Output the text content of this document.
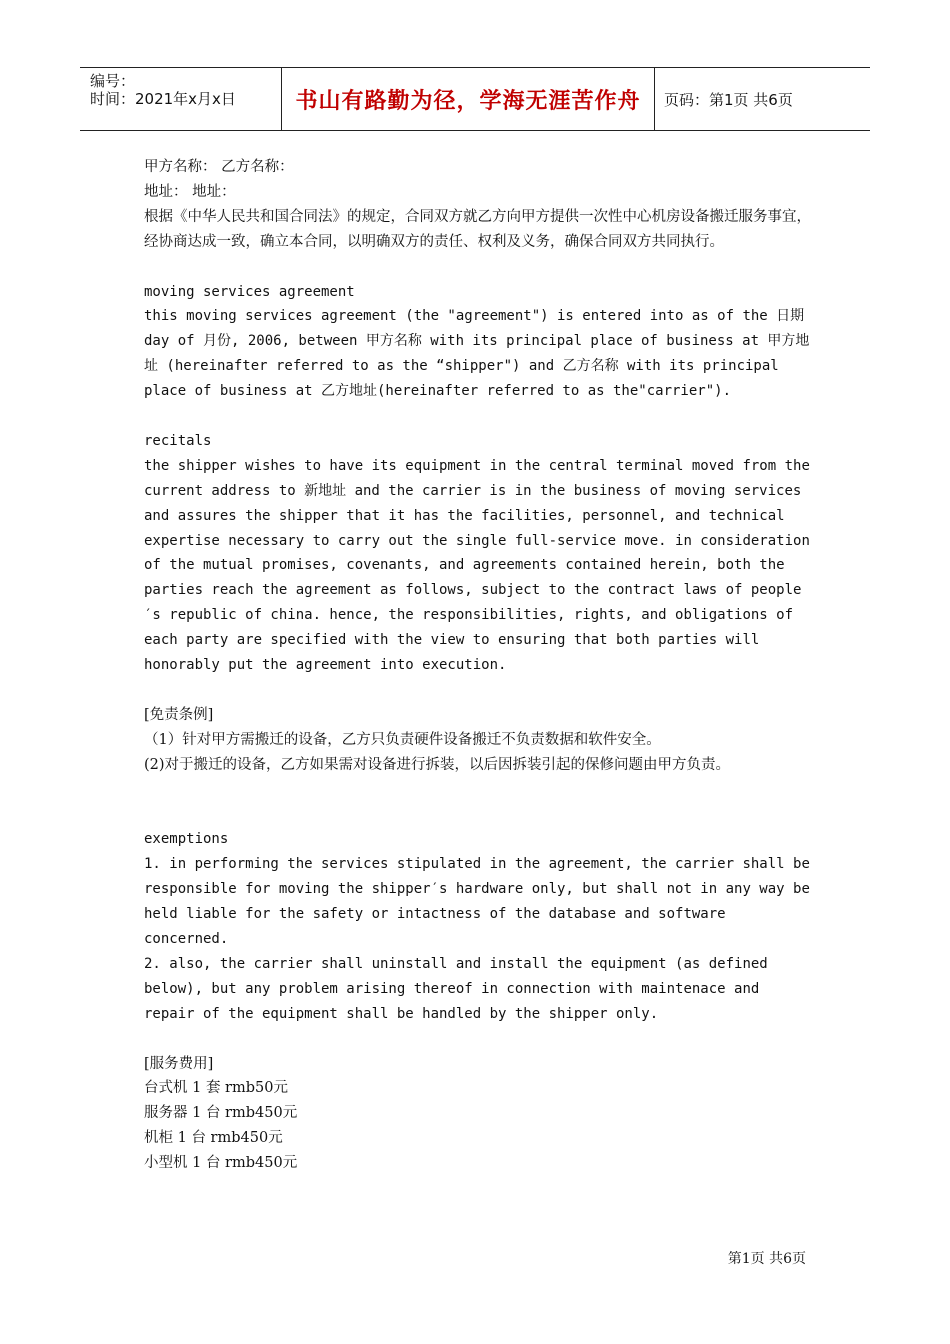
编号：
时间：2021年x月x日	书山有路勤为径，学海无涯苦作舟 页码：第1页 共6页

甲方名称： 乙方名称：

地址： 地址：

根据《中华人民共和国合同法》的规定，合同双方就乙方向甲方提供一次性中心机房设备搬迁服务事宜，经协商达成一致，确立本合同，以明确双方的责任、权利及义务，确保合同双方共同执行。

moving services agreement

this moving services agreement (the "agreement") is entered into as of the 日期 day of 月份, 2006, between 甲方名称 with its principal place of business at 甲方地址 (hereinafter referred to as the “shipper") and 乙方名称 with its principal place of business at 乙方地址(hereinafter referred to as the"carrier").

recitals

the shipper wishes to have its equipment in the central terminal moved from the current address to 新地址 and the carrier is in the business of moving services and assures the shipper that it has the facilities, personnel, and technical expertise necessary to carry out the single full-service move. in consideration of the mutual promises, covenants, and agreements contained herein, both the parties reach the agreement as follows, subject to the contract laws of people ′s republic of china. hence, the responsibilities, rights, and obligations of each party are specified with the view to ensuring that both parties will honorably put the agreement into execution.

[免责条例]

（1）针对甲方需搬迁的设备，乙方只负责硬件设备搬迁不负责数据和软件安全。

(2)对于搬迁的设备，乙方如果需对设备进行拆装，以后因拆装引起的保修问题由甲方负责。

exemptions

1. in performing the services stipulated in the agreement, the carrier shall be responsible for moving the shipper′s hardware only, but shall not in any way be held liable for the safety or intactness of the database and software concerned.

2. also, the carrier shall uninstall and install the equipment (as defined below), but any problem arising thereof in connection with maintenace and repair of the equipment shall be handled by the shipper only.

[服务费用]

台式机 1 套 rmb50元

服务器 1 台 rmb450元

机柜 1 台 rmb450元

小型机 1 台 rmb450元

第1页 共6页
